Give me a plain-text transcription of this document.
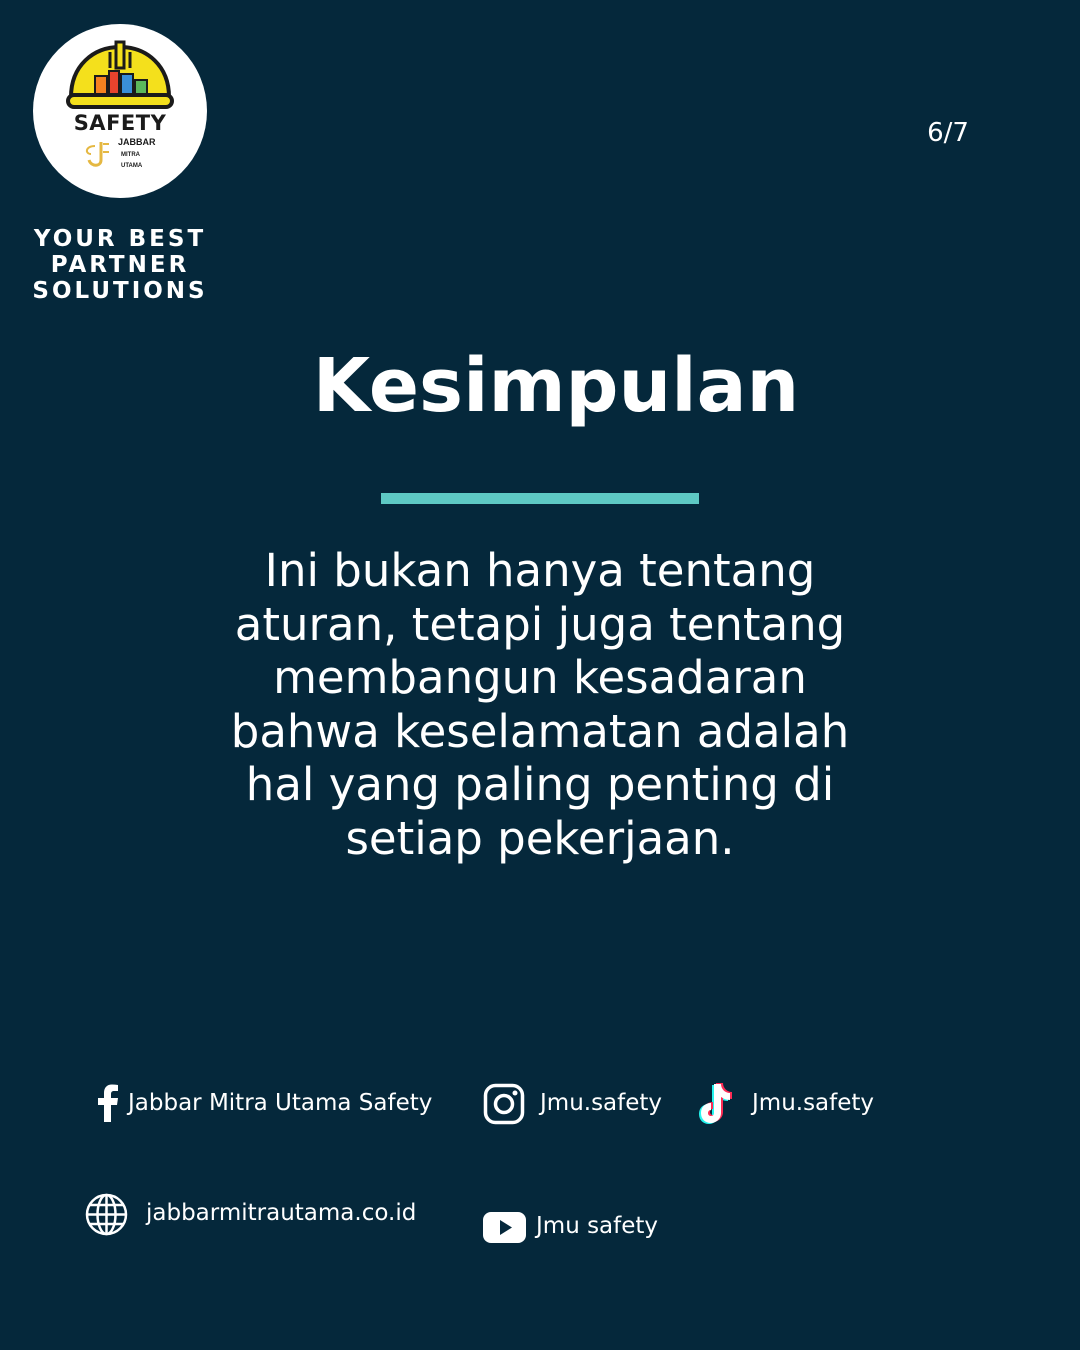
SAFETY
JABBAR
MITRA
UTAMA
YOUR BEST
PARTNER
SOLUTIONS
6/7
Kesimpulan
Ini bukan hanya tentang
aturan, tetapi juga tentang
membangun kesadaran
bahwa keselamatan adalah
hal yang paling penting di
setiap pekerjaan.
Jabbar Mitra Utama Safety	Jmu.safety	Jmu.safety
jabbarmitrautama.co.id	Jmu safety
